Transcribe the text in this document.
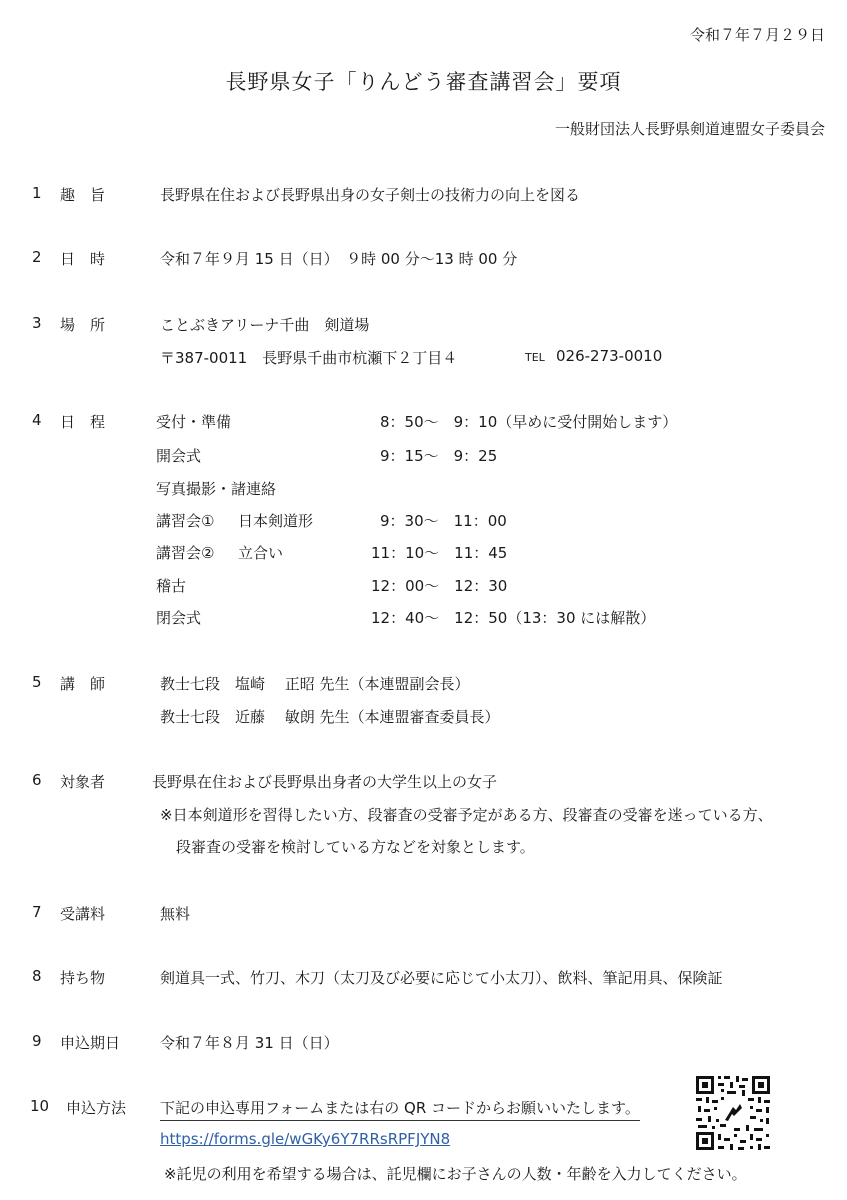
令和７年７月２９日
長野県女子「りんどう審査講習会」要項
一般財団法人長野県剣道連盟女子委員会
1 趣　旨	長野県在住および長野県出身の女子剣士の技術力の向上を図る
2 日　時	令和７年９月 15 日（日）　９時 00 分～13 時 00 分
3 場　所	ことぶきアリーナ千曲　剣道場
〒387-0011　長野県千曲市杭瀬下２丁目４	TEL 026-273-0010
4 日　程	受付・準備	8：50～　9：10（早めに受付開始します）
開会式	9：15～　9：25
写真撮影・諸連絡
講習会① 日本剣道形	9：30～　11：00
講習会② 立合い	11：10～　11：45
稽古	12：00～　12：30
閉会式	12：40～　12：50（13：30 には解散）
5 講　師	教士七段　塩崎　 正昭 先生（本連盟副会長）
教士七段　近藤　 敏朗 先生（本連盟審査委員長）
6 対象者	長野県在住および長野県出身者の大学生以上の女子
※日本剣道形を習得したい方、段審査の受審予定がある方、段審査の受審を迷っている方、
段審査の受審を検討している方などを対象とします。
7 受講料	無料
8 持ち物	剣道具一式、竹刀、木刀（太刀及び必要に応じて小太刀）、飲料、筆記用具、保険証
9 申込期日	令和７年８月 31 日（日）
10 申込方法 下記の申込専用フォームまたは右の QR コードからお願いいたします。
https://forms.gle/wGKy6Y7RRsRPFJYN8
※託児の利用を希望する場合は、託児欄にお子さんの人数・年齢を入力してください。
